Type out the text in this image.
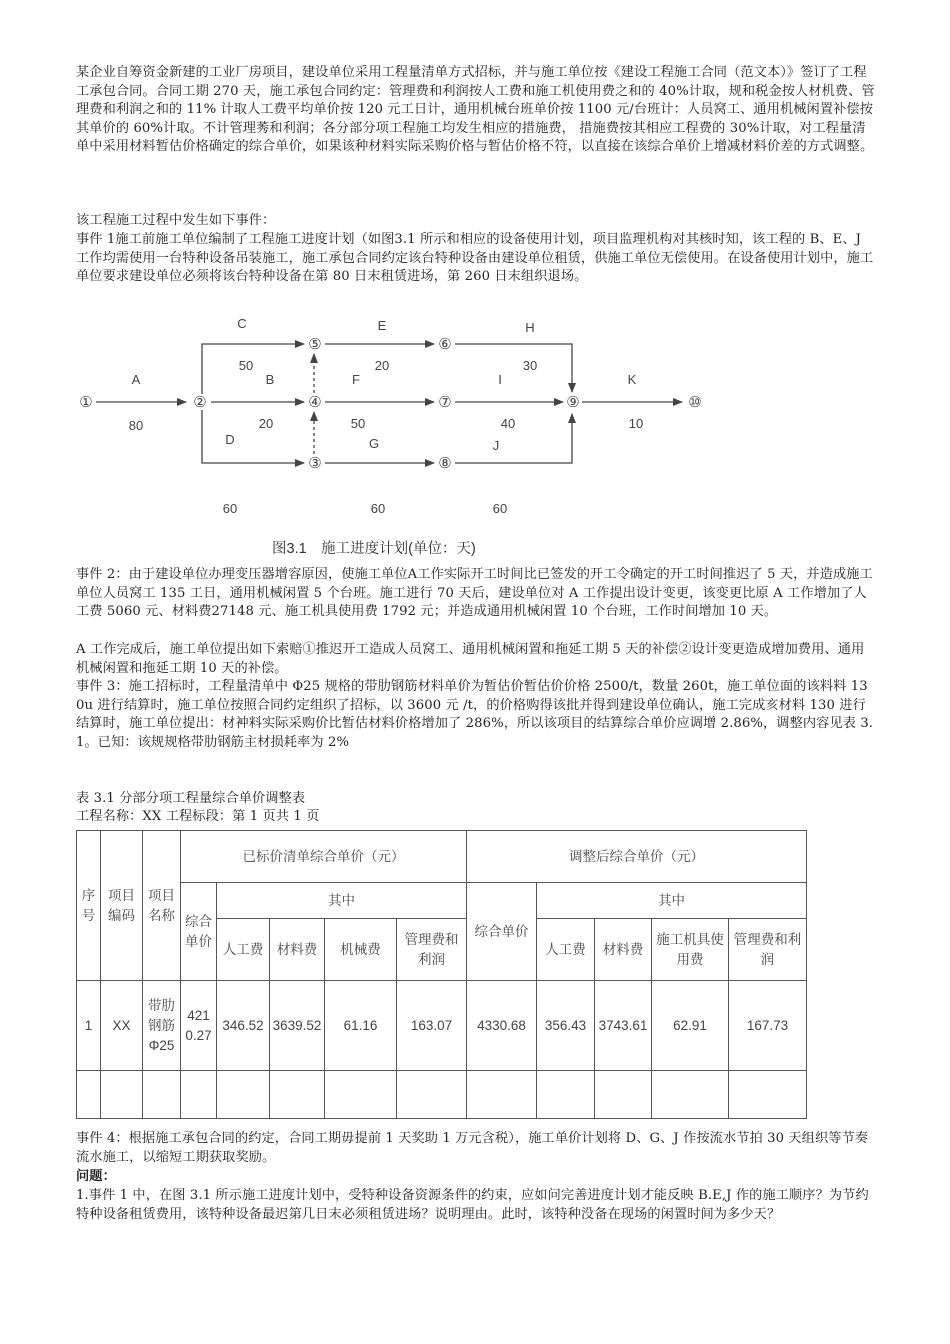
某企业自筹资金新建的工业厂房项目，建设单位采用工程量清单方式招标，并与施工单位按《建设工程施工合同（范文本）》签订了工程工承包合同。合同工期 270 天，施工承包合同约定：管理费和利润按人工费和施工机使用费之和的 40%计取，规和税金按人材机费、管理费和利润之和的 11% 计取人工费平均单价按 120 元工日计，通用机械台班单价按 1100 元/台班计：人员窝工、通用机械闲置补偿按其单价的 60%计取。不计管理莠和利润；各分部分项工程施工均发生相应的措施费， 措施费按其相应工程费的 30%计取，对工程量清单中采用材料暂估价格确定的综合单价，如果该种材料实际采购价格与暂估价格不符，以直接在该综合单价上增减材料价差的方式调整。

该工程施工过程中发生如下事件：

事件 1施工前施工单位编制了工程施工进度计划（如图3.1 所示和相应的设备使用计划，项目监理机构对其核时知，该工程的 B、E、J 工作均需使用一台特种设备吊装施工，施工承包合同约定该台特种设备由建设单位租赁，供施工单位无偿使用。在设备使用计划中，施工单位要求建设单位必须将该台特种设备在第 80 日末租赁进场，第 260 日末组织退场。

①	②
③
④
⑤	⑥
⑦
⑧
⑨	⑩
A
80
C
50
B
20
D
60
E
20
F
50
G
60
H
30
I
40
J
60
K
10
图3.1　施工进度计划(单位：天)

事件 2：由于建设单位办理变压器增容原因，使施工单位A工作实际开工时间比已签发的开工令确定的开工时间推迟了 5 天，并造成施工单位人员窝工 135 工日，通用机械闲置 5 个台班。施工进行 70 天后，建设单位对 A 工作提出设计变更，该变更比原 A 工作增加了人工费 5060 元、材料费27148 元、施工机具使用费 1792 元；并造成通用机械闲置 10 个台班，工作时间增加 10 天。

A 工作完成后，施工单位提出如下索赔①推迟开工造成人员窝工、通用机械闲置和拖延工期 5 天的补偿②设计变更造成增加费用、通用机械闲置和拖延工期 10 天的补偿。

事件 3：施工招标时，工程量清单中 Φ25 规格的带肋钢筋材料单价为暂估价暂估价价格 2500/t，数量 260t，施工单位面的该料料 130u 进行结算时，施工单位按照合同约定组织了招标，以 3600 元 /t，的价格购得该批并得到建设单位确认，施工完成亥材料 130 进行结算时，施工单位提出：材衶料实际采购价比暂估材料价格增加了 286%，所以该项目的结算综合单价应调增 2.86%，调整内容见表 3.1。已知：该规规格带肋钢筋主材损耗率为 2%

表 3.1 分部分项工程量综合单价调整表

工程名称：XX 工程标段：第 1 页共 1 页

序号	项目编码	项目名称	已标价清单综合单价（元）					调整后综合单价（元）				
			综合单价	其中				综合单价	其中			
				人工费	材料费	机械费	管理费和利润		人工费	材料费	施工机具使用费	管理费和利润
1	XX	带肋钢筋Φ25	4210.27	346.52	3639.52	61.16	163.07	4330.68	356.43	3743.61	62.91	167.73

事件 4：根据施工承包合同的约定，合同工期毋提前 1 天奖助 1 万元含税），施工单价计划将 D、G、J 作按流水节拍 30 天组织等节奏流水施工，以缩短工期获取奖励。

问题：

1.事件 1 中，在图 3.1 所示施工进度计划中，受特种设备资源条件的约束，应如问完善进度计划才能反映 B.E,J 作的施工顺序？为节约特种设备租赁费用，该特种设备最迟第几日末必须租赁进场？说明理由。此时，该特种没备在现场的闲置时间为多少天？
